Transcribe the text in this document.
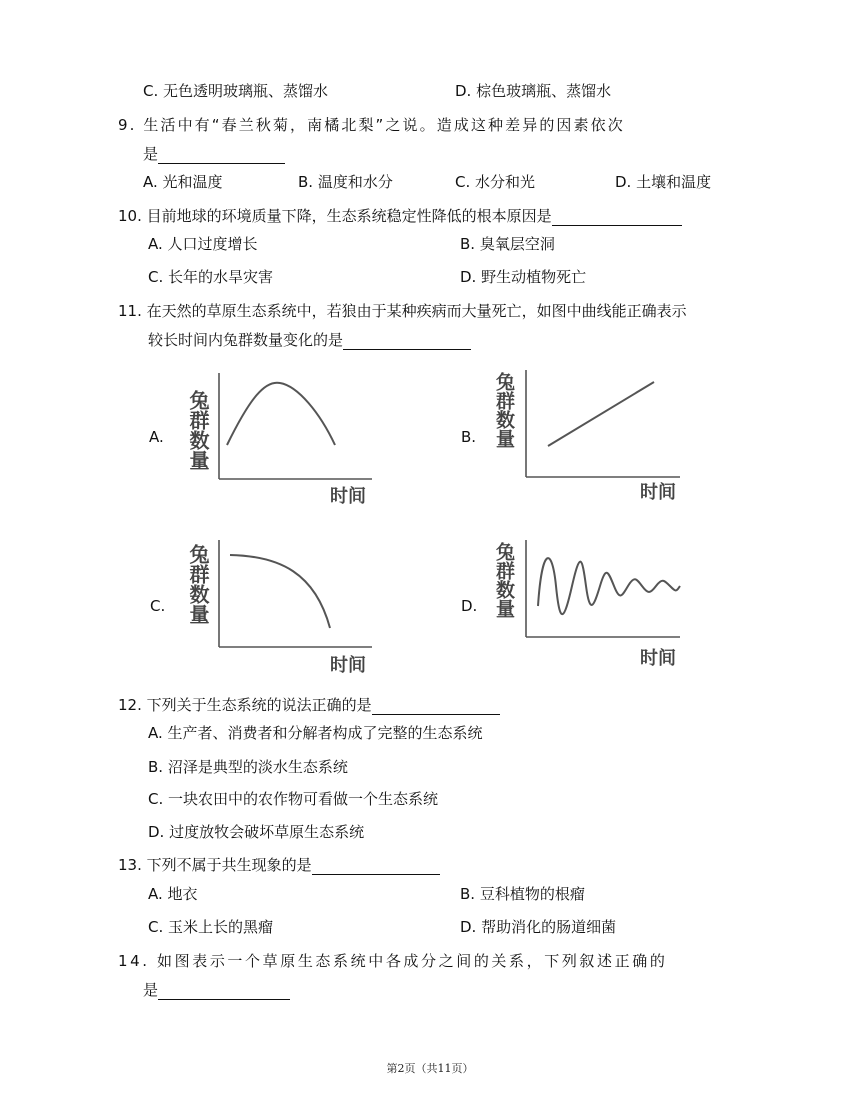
C. 无色透明玻璃瓶、蒸馏水	D. 棕色玻璃瓶、蒸馏水
9. 生活中有“春兰秋菊，南橘北梨”之说。造成这种差异的因素依次
是
A. 光和温度	B. 温度和水分	C. 水分和光	D. 土壤和温度
10. 目前地球的环境质量下降，生态系统稳定性降低的根本原因是
A. 人口过度增长	B. 臭氧层空洞
C. 长年的水旱灾害	D. 野生动植物死亡
11. 在天然的草原生态系统中，若狼由于某种疾病而大量死亡，如图中曲线能正确表示
较长时间内兔群数量变化的是
A. 兔群数量
时间
B. 兔群数量
时间
C. 兔群数量
时间
D. 兔群数量
时间
12. 下列关于生态系统的说法正确的是
A. 生产者、消费者和分解者构成了完整的生态系统
B. 沼泽是典型的淡水生态系统
C. 一块农田中的农作物可看做一个生态系统
D. 过度放牧会破坏草原生态系统
13. 下列不属于共生现象的是
A. 地衣	B. 豆科植物的根瘤
C. 玉米上长的黑瘤	D. 帮助消化的肠道细菌
14. 如图表示一个草原生态系统中各成分之间的关系，下列叙述正确的
是
第2页（共11页）
